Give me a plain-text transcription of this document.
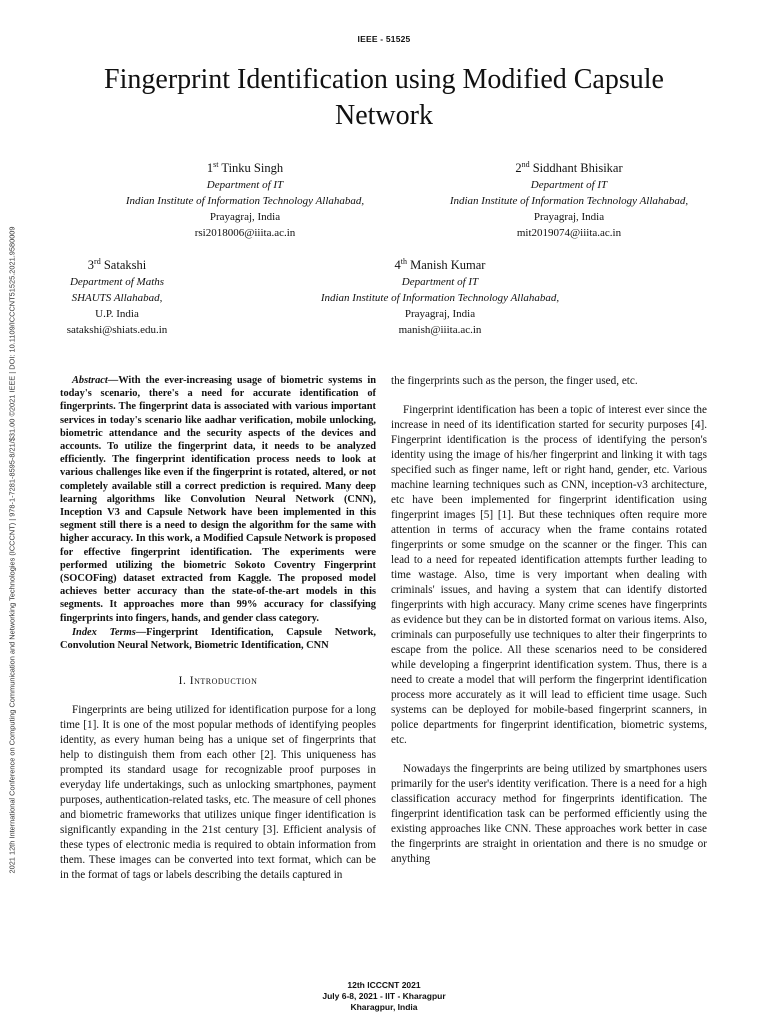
IEEE - 51525
Fingerprint Identification using Modified Capsule Network
2021 12th International Conference on Computing Communication and Networking Technologies (ICCCNT) | 978-1-7281-8595-8/21/$31.00 ©2021 IEEE | DOI: 10.1109/ICCCNT51525.2021.9580009
1st Tinku Singh
Department of IT
Indian Institute of Information Technology Allahabad,
Prayagraj, India
rsi2018006@iiita.ac.in
2nd Siddhant Bhisikar
Department of IT
Indian Institute of Information Technology Allahabad,
Prayagraj, India
mit2019074@iiita.ac.in
3rd Satakshi
Department of Maths
SHAUTS Allahabad,
U.P. India
satakshi@shiats.edu.in
4th Manish Kumar
Department of IT
Indian Institute of Information Technology Allahabad,
Prayagraj, India
manish@iiita.ac.in

Abstract—With the ever-increasing usage of biometric systems in today's scenario, there's a need for accurate identification of fingerprints. The fingerprint data is associated with various important services in today's scenario like aadhar verification, mobile unlocking, biometric attendance and the security aspects of the devices and accounts. To utilize the fingerprint data, it needs to be analyzed efficiently. The fingerprint identification process needs to look at various challenges like even if the fingerprint is rotated, altered, or not completely available still a correct prediction is required. Many deep learning algorithms like Convolution Neural Network (CNN), Inception V3 and Capsule Network have been implemented in this segment still there is a need to design the algorithm for the same with higher accuracy. In this work, a Modified Capsule Network is proposed for effective fingerprint identification. The experiments were performed utilizing the biometric Sokoto Coventry Fingerprint (SOCOFing) dataset extracted from Kaggle. The proposed model achieves better accuracy than the state-of-the-art models in this segments. It approaches more than 99% accuracy for classifying fingerprints into fingers, hands, and gender class category.

Index Terms—Fingerprint Identification, Capsule Network, Convolution Neural Network, Biometric Identification, CNN

I. Introduction

Fingerprints are being utilized for identification purpose for a long time [1]. It is one of the most popular methods of identifying peoples identity, as every human being has a unique set of fingerprints that help to distinguish them from each other [2]. This uniqueness has prompted its standard usage for recognizable proof purposes in everyday life undertakings, such as unlocking smartphones, payment purposes, authentication-related tasks, etc. The measure of cell phones and biometric frameworks that utilizes unique finger identification is significantly expanding in the 21st century [3]. Efficient analysis of these types of electronic media is required to obtain information from them. These images can be converted into text format, which can be in the format of tags or labels describing the details captured in

the fingerprints such as the person, the finger used, etc.

Fingerprint identification has been a topic of interest ever since the increase in need of its identification started for security purposes [4]. Fingerprint identification is the process of identifying the person's identity using the image of his/her fingerprint and linking it with tags specified such as finger name, left or right hand, gender, etc. Various machine learning techniques such as CNN, inception-v3 architecture, etc have been implemented for fingerprint identification using fingerprint images [5] [1]. But these techniques often require more attention in terms of accuracy when the frame contains rotated fingerprints or some smudge on the scanner or the finger. This can lead to a need for repeated identification attempts further leading to time wastage. Also, time is very important when dealing with criminals' issues, and having a system that can identify distorted fingerprints with high accuracy. Many crime scenes have fingerprints as evidence but they can be in distorted format on various items. Also, criminals can purposefully use techniques to alter their fingerprints to escape from the police. All these scenarios need to be considered while developing a fingerprint identification system. Thus, there is a need to create a model that will perform the fingerprint identification process more accurately as it will lead to efficient time usage. Such systems can be deployed for mobile-based fingerprint scanners, in police departments for fingerprint identification, biometric systems, etc.

Nowadays the fingerprints are being utilized by smartphones users primarily for the user's identity verification. There is a need for a high classification accuracy method for fingerprints identification. The fingerprint identification task can be performed efficiently using the existing approaches like CNN. These approaches work better in case the fingerprints are straight in orientation and there is no smudge or anything

12th ICCCNT 2021
July 6-8, 2021 - IIT - Kharagpur
Kharagpur, India
